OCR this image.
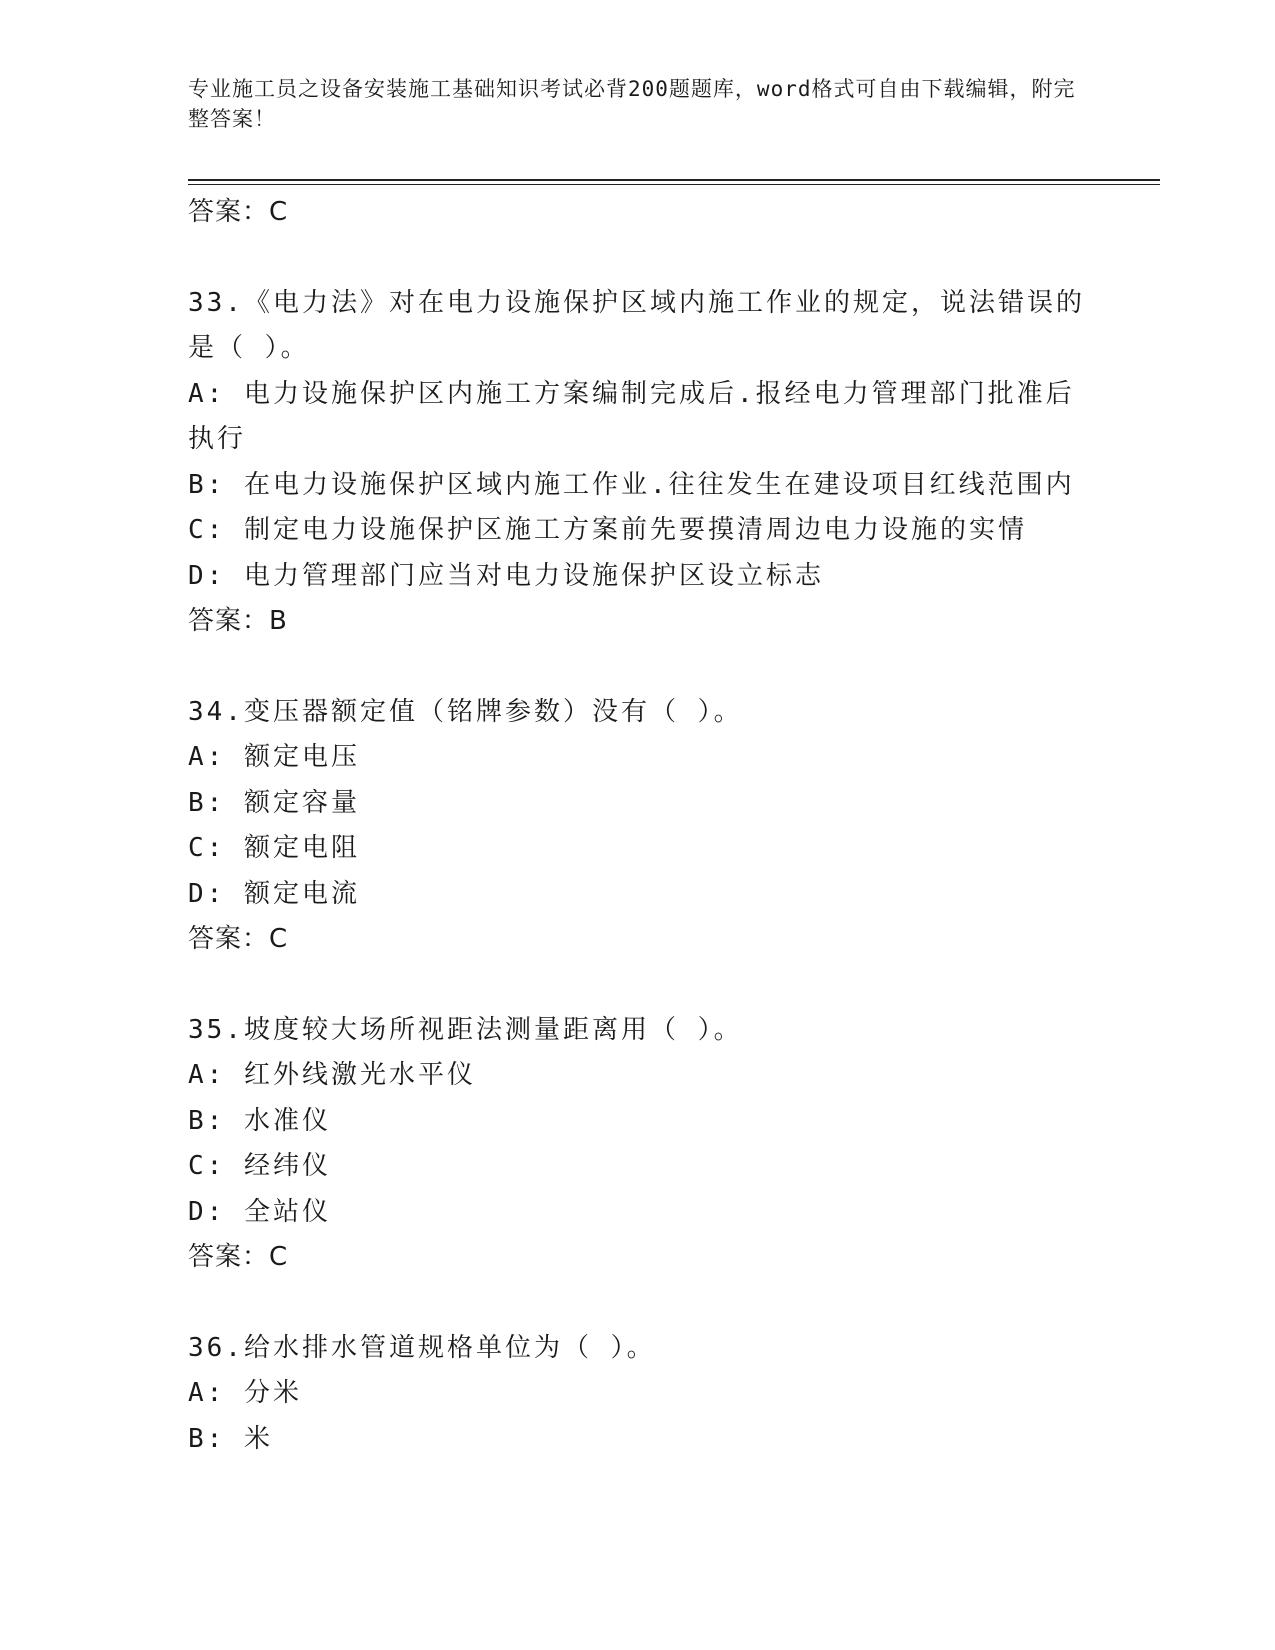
专业施工员之设备安装施工基础知识考试必背200题题库，word格式可自由下载编辑，附完整答案！
答案：C
33.《电力法》对在电力设施保护区域内施工作业的规定，说法错误的是（ ）。
A: 电力设施保护区内施工方案编制完成后.报经电力管理部门批准后执行
B: 在电力设施保护区域内施工作业.往往发生在建设项目红线范围内
C: 制定电力设施保护区施工方案前先要摸清周边电力设施的实情
D: 电力管理部门应当对电力设施保护区设立标志
答案：B
34.变压器额定值（铭牌参数）没有（ ）。
A: 额定电压
B: 额定容量
C: 额定电阻
D: 额定电流
答案：C
35.坡度较大场所视距法测量距离用（ ）。
A: 红外线激光水平仪
B: 水准仪
C: 经纬仪
D: 全站仪
答案：C
36.给水排水管道规格单位为（ ）。
A: 分米
B: 米
